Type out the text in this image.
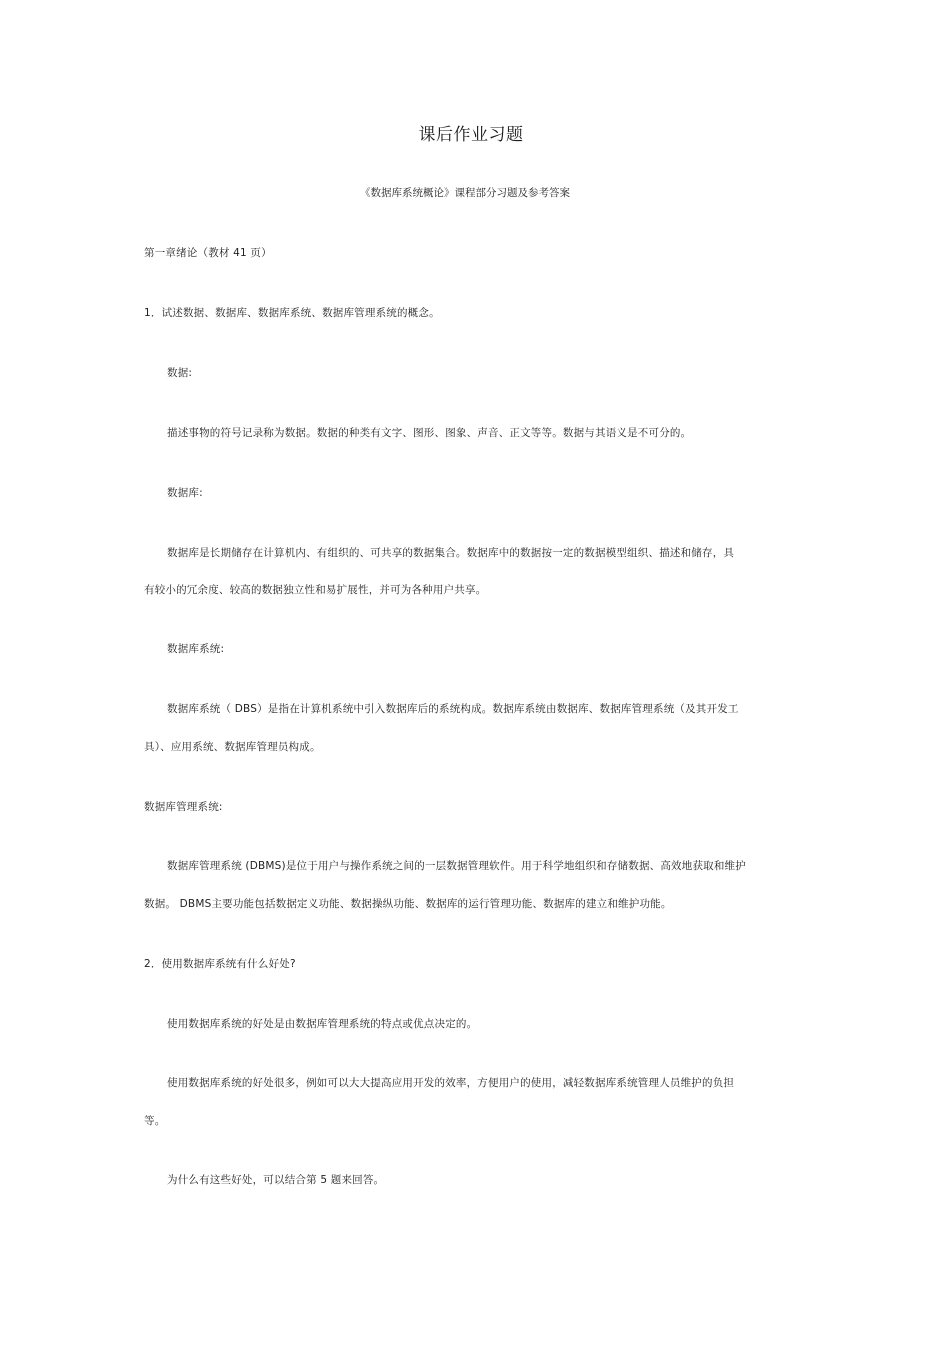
课后作业习题
《数据库系统概论》课程部分习题及参考答案
第一章绪论（教材 41 页）
1．试述数据、数据库、数据库系统、数据库管理系统的概念。
数据:
描述事物的符号记录称为数据。数据的种类有文字、图形、图象、声音、正文等等。数据与其语义是不可分的。
数据库:
数据库是长期储存在计算机内、有组织的、可共享的数据集合。数据库中的数据按一定的数据模型组织、描述和储存，具
有较小的冗余度、较高的数据独立性和易扩展性，并可为各种用户共享。
数据库系统:
数据库系统（ DBS）是指在计算机系统中引入数据库后的系统构成。数据库系统由数据库、数据库管理系统（及其开发工
具）、应用系统、数据库管理员构成。
数据库管理系统:
数据库管理系统 (DBMS)是位于用户与操作系统之间的一层数据管理软件。用于科学地组织和存储数据、高效地获取和维护
数据。 DBMS主要功能包括数据定义功能、数据操纵功能、数据库的运行管理功能、数据库的建立和维护功能。
2．使用数据库系统有什么好处?
使用数据库系统的好处是由数据库管理系统的特点或优点决定的。
使用数据库系统的好处很多，例如可以大大提高应用开发的效率，方便用户的使用，减轻数据库系统管理人员维护的负担
等。
为什么有这些好处，可以结合第 5 题来回答。
